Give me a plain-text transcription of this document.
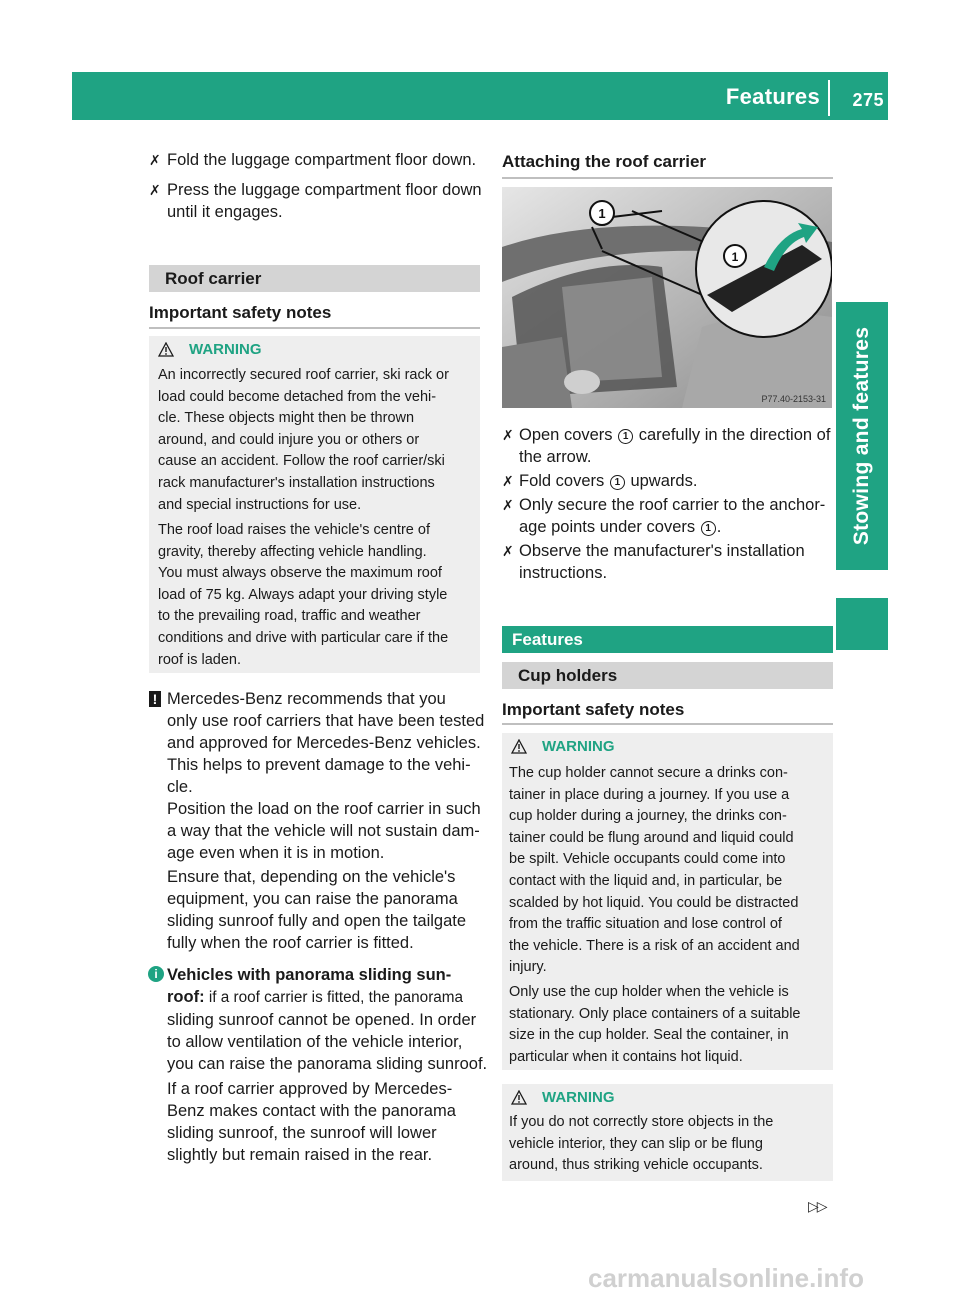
Features 275
Stowing and features
✗ Fold the luggage compartment floor down.
✗ Press the luggage compartment floor down
until it engages.
Roof carrier
Important safety notes
WARNING
An incorrectly secured roof carrier, ski rack or
load could become detached from the vehi-
cle. These objects might then be thrown
around, and could injure you or others or
cause an accident. Follow the roof carrier/ski
rack manufacturer's installation instructions
and special instructions for use.
The roof load raises the vehicle's centre of
gravity, thereby affecting vehicle handling.
You must always observe the maximum roof
load of 75 kg. Always adapt your driving style
to the prevailing road, traffic and weather
conditions and drive with particular care if the
roof is laden.
! Mercedes-Benz recommends that you
only use roof carriers that have been tested
and approved for Mercedes-Benz vehicles.
This helps to prevent damage to the vehi-
cle.
Position the load on the roof carrier in such
a way that the vehicle will not sustain dam-
age even when it is in motion.
Ensure that, depending on the vehicle's
equipment, you can raise the panorama
sliding sunroof fully and open the tailgate
fully when the roof carrier is fitted.
i Vehicles with panorama sliding sun-
roof: if a roof carrier is fitted, the panorama
sliding sunroof cannot be opened. In order
to allow ventilation of the vehicle interior,
you can raise the panorama sliding sunroof.
If a roof carrier approved by Mercedes-
Benz makes contact with the panorama
sliding sunroof, the sunroof will lower
slightly but remain raised in the rear.
Attaching the roof carrier
1
1
P77.40-2153-31
✗ Open covers 1 carefully in the direction of
the arrow.
✗ Fold covers 1 upwards.
✗ Only secure the roof carrier to the anchor-
age points under covers 1 .
✗ Observe the manufacturer's installation
instructions.
Features
Cup holders
Important safety notes
WARNING
The cup holder cannot secure a drinks con-
tainer in place during a journey. If you use a
cup holder during a journey, the drinks con-
tainer could be flung around and liquid could
be spilt. Vehicle occupants could come into
contact with the liquid and, in particular, be
scalded by hot liquid. You could be distracted
from the traffic situation and lose control of
the vehicle. There is a risk of an accident and
injury.
Only use the cup holder when the vehicle is
stationary. Only place containers of a suitable
size in the cup holder. Seal the container, in
particular when it contains hot liquid.
WARNING
If you do not correctly store objects in the
vehicle interior, they can slip or be flung
around, thus striking vehicle occupants.
▷▷
carmanualsonline.info
